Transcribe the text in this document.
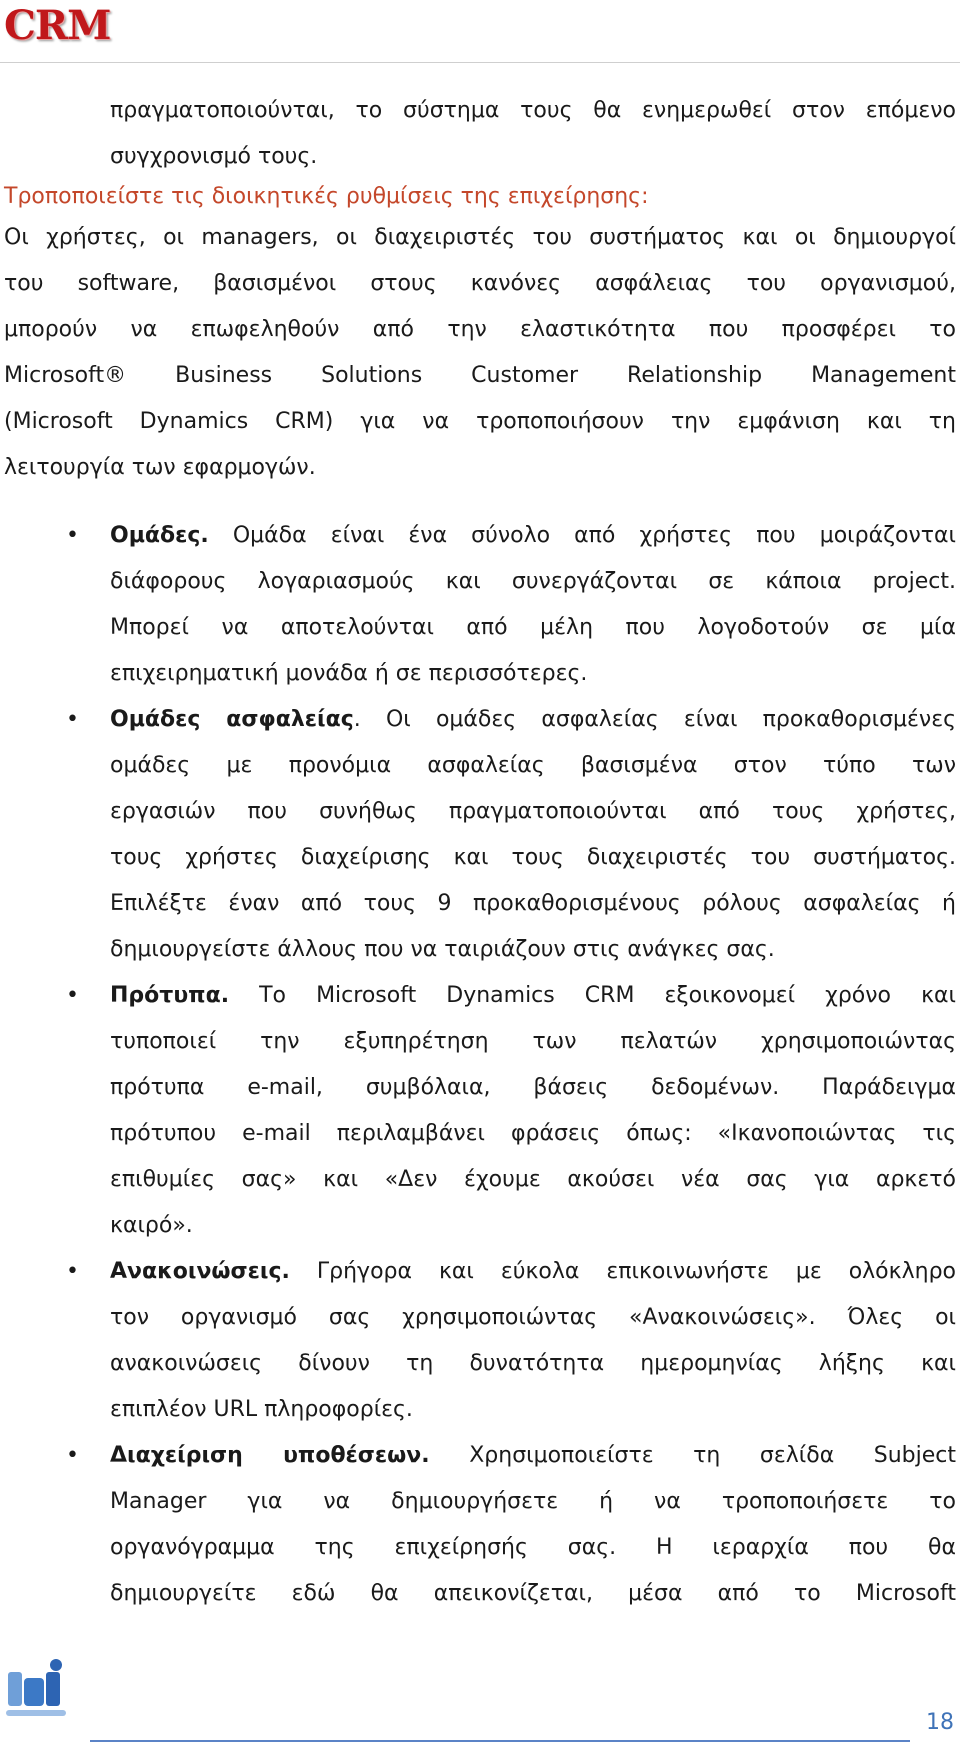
CRM
πραγματοποιούνται, το σύστημα τους θα ενημερωθεί στον επόμενο
συγχρονισμό τους.
Τροποποιείστε τις διοικητικές ρυθμίσεις της επιχείρησης:
Οι χρήστες, οι managers, οι διαχειριστές του συστήματος και οι δημιουργοί
του software, βασισμένοι στους κανόνες ασφάλειας του οργανισμού,
μπορούν να επωφεληθούν από την ελαστικότητα που προσφέρει το
Microsoft® Business Solutions Customer Relationship Management
(Microsoft Dynamics CRM) για να τροποποιήσουν την εμφάνιση και τη
λειτουργία των εφαρμογών.
• Ομάδες. Ομάδα είναι ένα σύνολο από χρήστες που μοιράζονται
διάφορους λογαριασμούς και συνεργάζονται σε κάποια project.
Μπορεί να αποτελούνται από μέλη που λογοδοτούν σε μία
επιχειρηματική μονάδα ή σε περισσότερες.
• Ομάδες ασφαλείας. Οι ομάδες ασφαλείας είναι προκαθορισμένες
ομάδες με προνόμια ασφαλείας βασισμένα στον τύπο των
εργασιών που συνήθως πραγματοποιούνται από τους χρήστες,
τους χρήστες διαχείρισης και τους διαχειριστές του συστήματος.
Επιλέξτε έναν από τους 9 προκαθορισμένους ρόλους ασφαλείας ή
δημιουργείστε άλλους που να ταιριάζουν στις ανάγκες σας.
• Πρότυπα. Το Microsoft Dynamics CRM εξοικονομεί χρόνο και
τυποποιεί την εξυπηρέτηση των πελατών χρησιμοποιώντας
πρότυπα e-mail, συμβόλαια, βάσεις δεδομένων. Παράδειγμα
πρότυπου e-mail περιλαμβάνει φράσεις όπως: «Ικανοποιώντας τις
επιθυμίες σας» και «Δεν έχουμε ακούσει νέα σας για αρκετό
καιρό».
• Ανακοινώσεις. Γρήγορα και εύκολα επικοινωνήστε με ολόκληρο
τον οργανισμό σας χρησιμοποιώντας «Ανακοινώσεις». Όλες οι
ανακοινώσεις δίνουν τη δυνατότητα ημερομηνίας λήξης και
επιπλέον URL πληροφορίες.
• Διαχείριση υποθέσεων. Χρησιμοποιείστε τη σελίδα Subject
Manager για να δημιουργήσετε ή να τροποποιήσετε το
οργανόγραμμα της επιχείρησής σας. Η ιεραρχία που θα
δημιουργείτε εδώ θα απεικονίζεται, μέσα από το Microsoft
18
